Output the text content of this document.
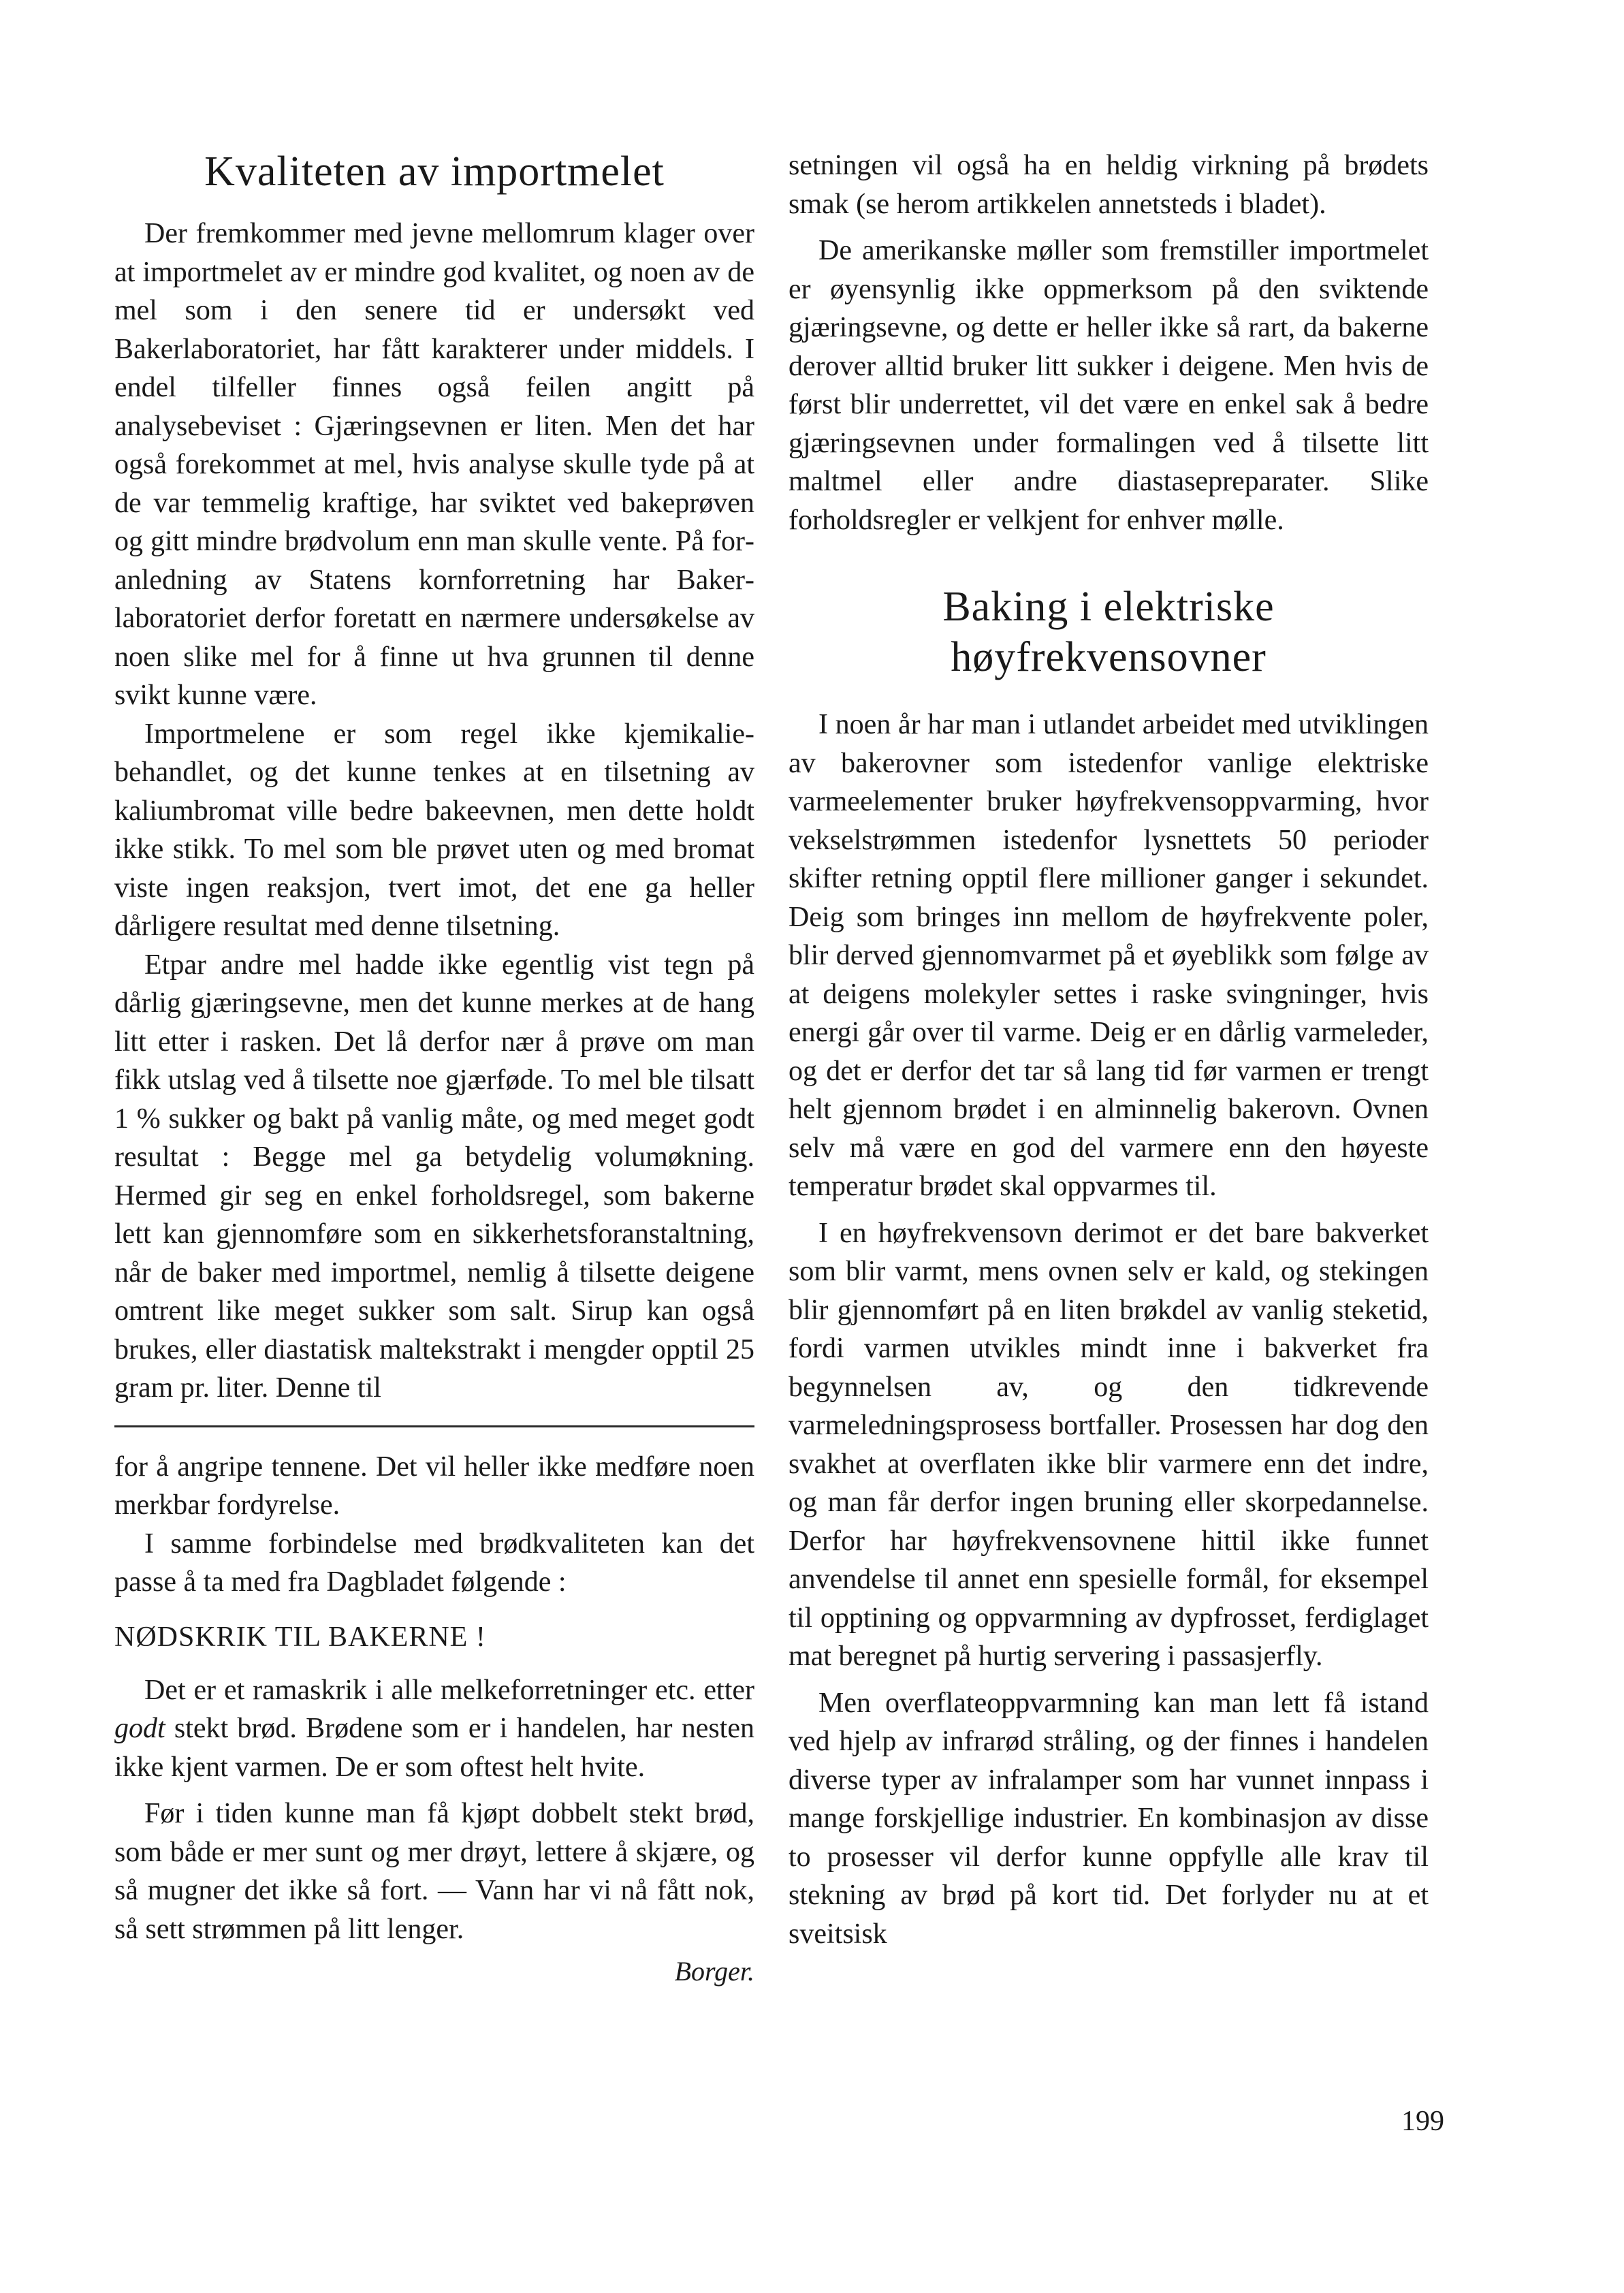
Kvaliteten av importmelet

Der fremkommer med jevne mellomrum klager over at importmelet av er mindre god kvalitet, og noen av de mel som i den senere tid er undersøkt ved Bakerlaboratoriet, har fått karakterer under middels. I endel tilfeller finnes også feilen angitt på analysebeviset : Gjæringsevnen er liten. Men det har også forekommet at mel, hvis analyse skulle tyde på at de var temmelig kraftige, har sviktet ved bakeprøven og gitt mindre brødvolum enn man skulle vente. På foranledning av Statens kornforretning har Bakerlaboratoriet derfor foretatt en nærmere undersøkelse av noen slike mel for å finne ut hva grunnen til denne svikt kunne være.

Importmelene er som regel ikke kjemikaliebehandlet, og det kunne tenkes at en tilsetning av kaliumbromat ville bedre bakeevnen, men dette holdt ikke stikk. To mel som ble prøvet uten og med bromat viste ingen reaksjon, tvert imot, det ene ga heller dårligere resultat med denne tilsetning.

Etpar andre mel hadde ikke egentlig vist tegn på dårlig gjæringsevne, men det kunne merkes at de hang litt etter i rasken. Det lå derfor nær å prøve om man fikk utslag ved å tilsette noe gjærføde. To mel ble tilsatt 1 % sukker og bakt på vanlig måte, og med meget godt resultat : Begge mel ga betydelig volumøkning. Hermed gir seg en enkel forholdsregel, som bakerne lett kan gjennomføre som en sikkerhetsforanstaltning, når de baker med importmel, nemlig å tilsette deigene omtrent like meget sukker som salt. Sirup kan også brukes, eller diastatisk maltekstrakt i mengder opptil 25 gram pr. liter. Denne til

for å angripe tennene. Det vil heller ikke medføre noen merkbar fordyrelse.

I samme forbindelse med brødkvaliteten kan det passe å ta med fra Dagbladet følgende :

NØDSKRIK TIL BAKERNE !

Det er et ramaskrik i alle melkeforretninger etc. etter godt stekt brød. Brødene som er i handelen, har nesten ikke kjent varmen. De er som oftest helt hvite.

Før i tiden kunne man få kjøpt dobbelt stekt brød, som både er mer sunt og mer drøyt, lettere å skjære, og så mugner det ikke så fort. — Vann har vi nå fått nok, så sett strømmen på litt lenger.

Borger.

setningen vil også ha en heldig virkning på brødets smak (se herom artikkelen annetsteds i bladet).

De amerikanske møller som fremstiller importmelet er øyensynlig ikke oppmerksom på den sviktende gjæringsevne, og dette er heller ikke så rart, da bakerne derover alltid bruker litt sukker i deigene. Men hvis de først blir underrettet, vil det være en enkel sak å bedre gjæringsevnen under formalingen ved å tilsette litt maltmel eller andre diastasepreparater. Slike forholdsregler er velkjent for enhver mølle.

Baking i elektriske
høyfrekvensovner

I noen år har man i utlandet arbeidet med utviklingen av bakerovner som istedenfor vanlige elektriske varmeelementer bruker høyfrekvensoppvarming, hvor vekselstrømmen istedenfor lysnettets 50 perioder skifter retning opptil flere millioner ganger i sekundet. Deig som bringes inn mellom de høyfrekvente poler, blir derved gjennomvarmet på et øyeblikk som følge av at deigens molekyler settes i raske svingninger, hvis energi går over til varme. Deig er en dårlig varmeleder, og det er derfor det tar så lang tid før varmen er trengt helt gjennom brødet i en alminnelig bakerovn. Ovnen selv må være en god del varmere enn den høyeste temperatur brødet skal oppvarmes til.

I en høyfrekvensovn derimot er det bare bakverket som blir varmt, mens ovnen selv er kald, og stekingen blir gjennomført på en liten brøkdel av vanlig steketid, fordi varmen utvikles mindt inne i bakverket fra begynnelsen av, og den tidkrevende varmeledningsprosess bortfaller. Prosessen har dog den svakhet at overflaten ikke blir varmere enn det indre, og man får derfor ingen bruning eller skorpedannelse. Derfor har høyfrekvensovnene hittil ikke funnet anvendelse til annet enn spesielle formål, for eksempel til opptining og oppvarmning av dypfrosset, ferdiglaget mat beregnet på hurtig servering i passasjerfly.

Men overflateoppvarmning kan man lett få istand ved hjelp av infrarød stråling, og der finnes i handelen diverse typer av infralamper som har vunnet innpass i mange forskjellige industrier. En kombinasjon av disse to prosesser vil derfor kunne oppfylle alle krav til stekning av brød på kort tid. Det forlyder nu at et sveitsisk

199
